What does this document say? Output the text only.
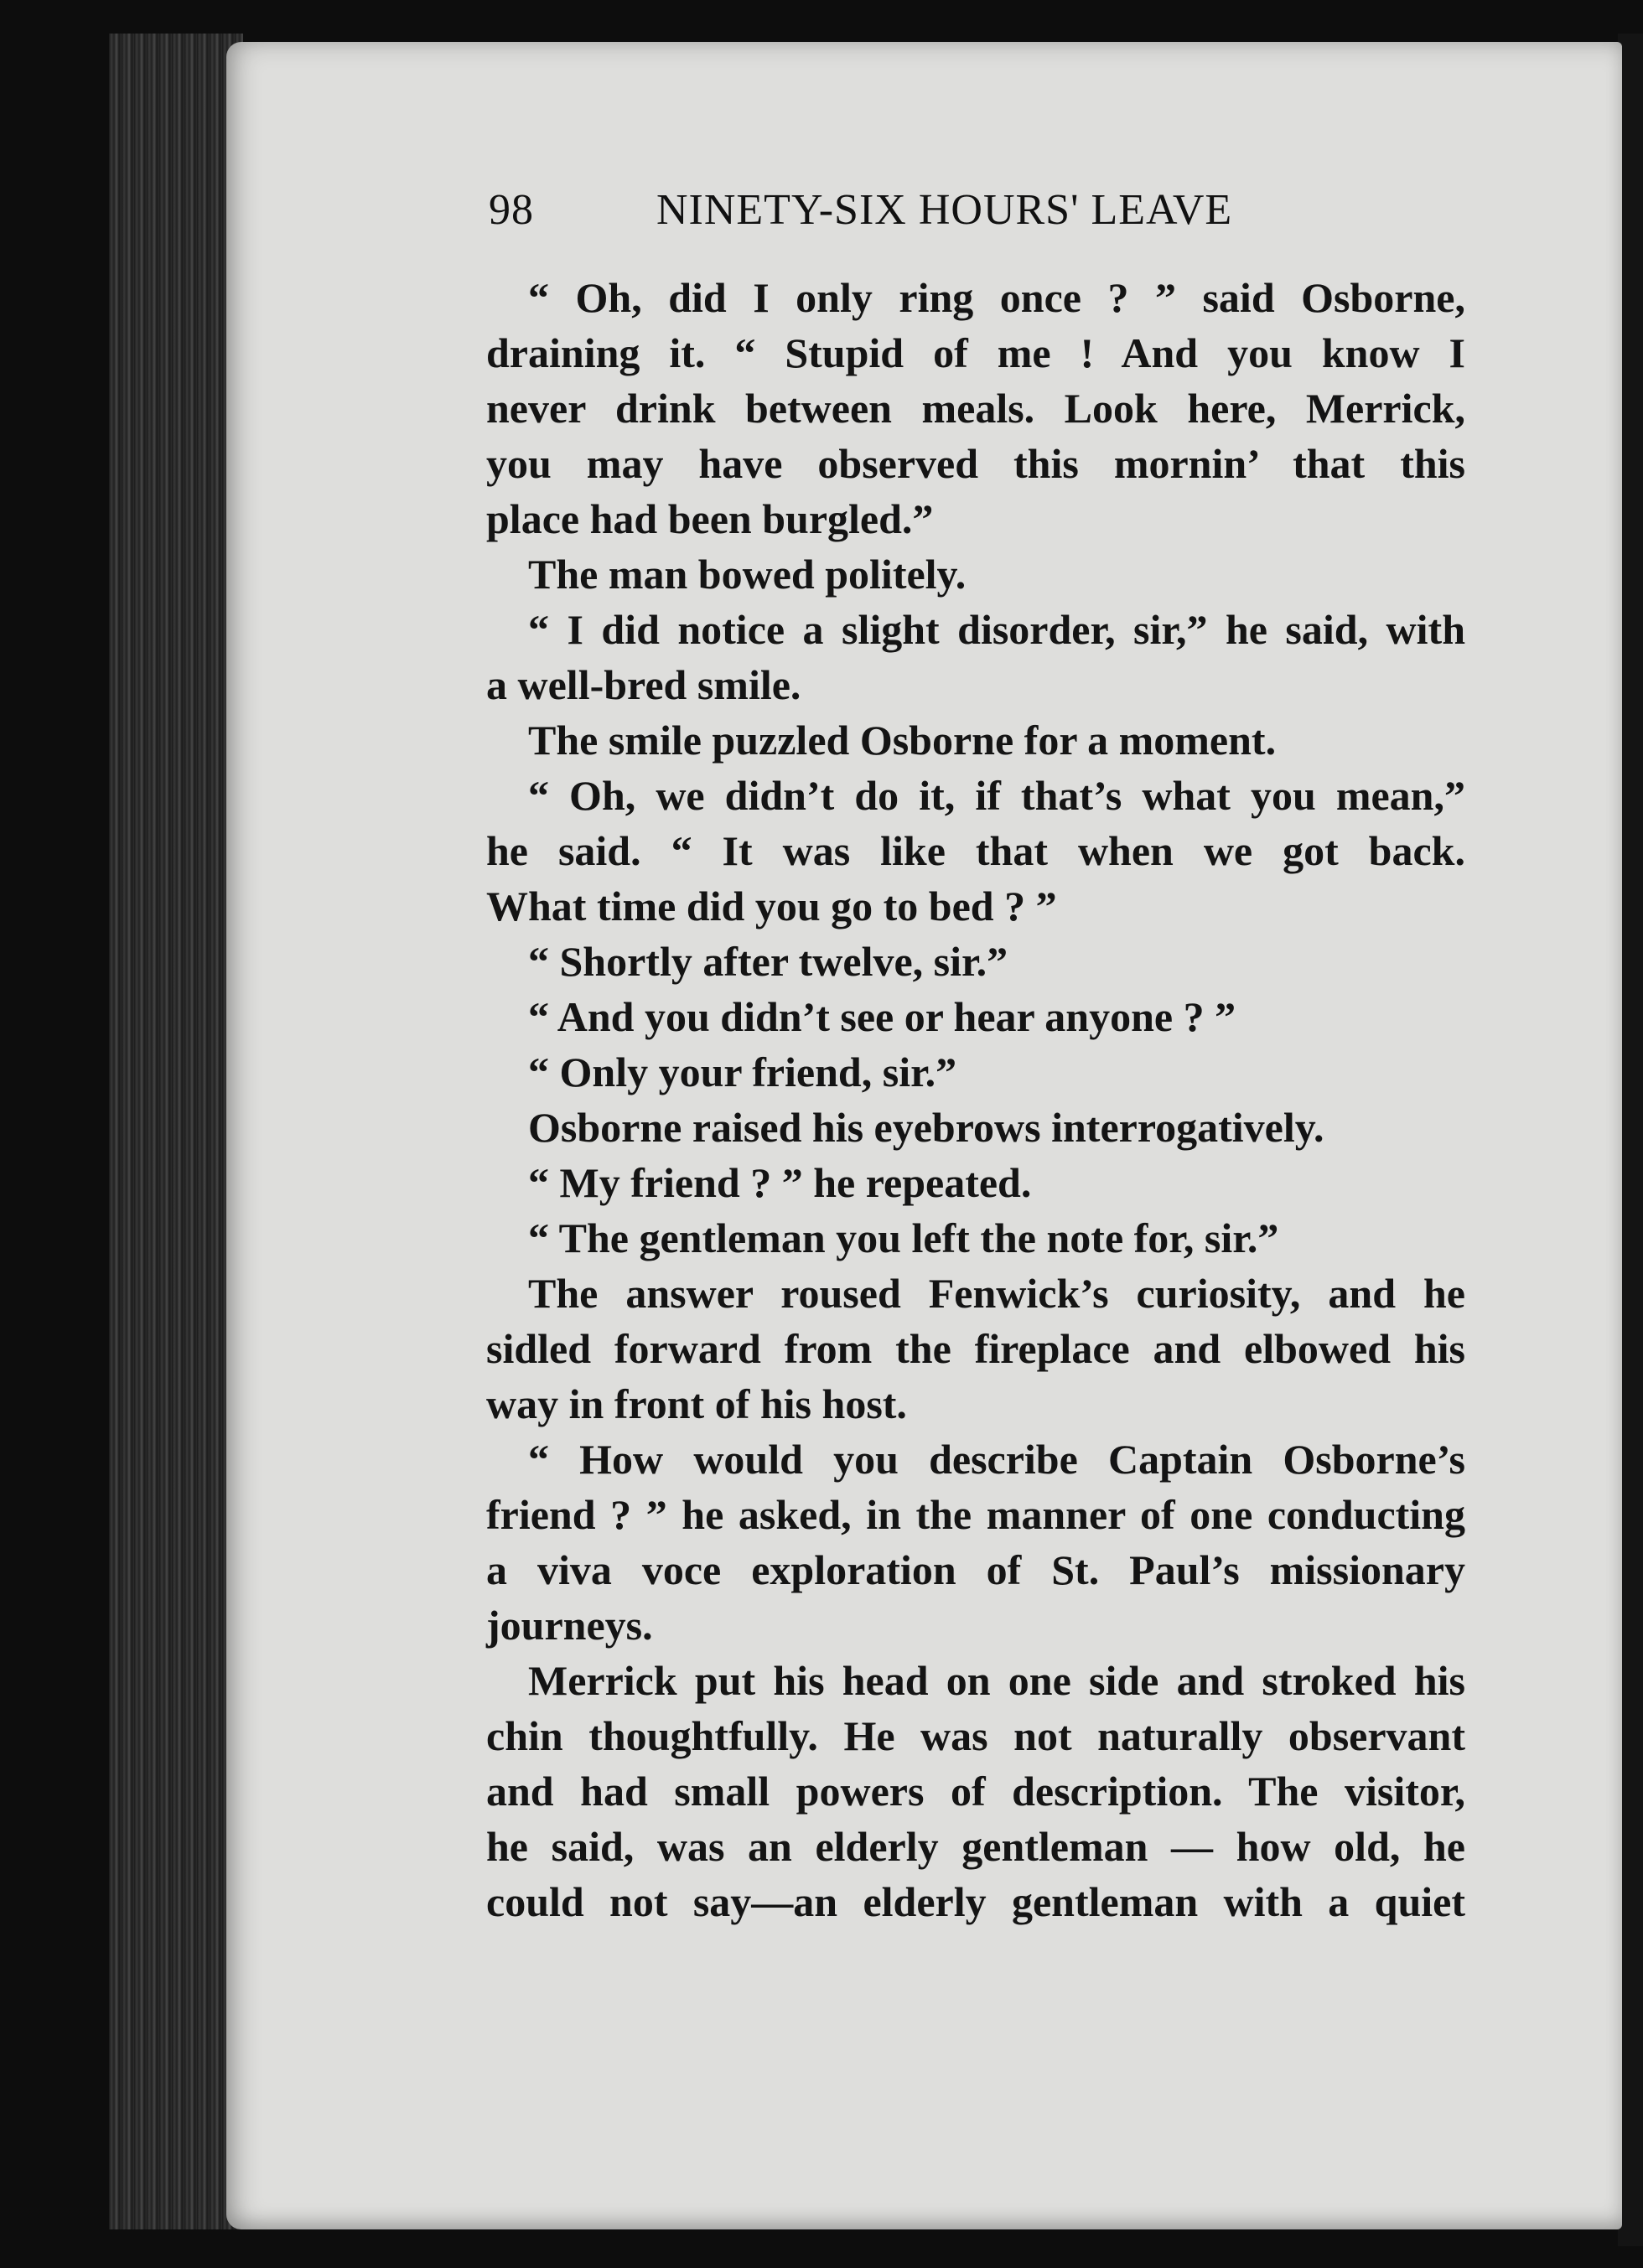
98	NINETY-SIX HOURS' LEAVE
“ Oh, did I only ring once ? ” said Osborne,
draining it. “ Stupid of me ! And you know I
never drink between meals. Look here, Merrick,
you may have observed this mornin’ that this
place had been burgled.”
The man bowed politely.
“ I did notice a slight disorder, sir,” he said, with
a well-bred smile.
The smile puzzled Osborne for a moment.
“ Oh, we didn’t do it, if that’s what you mean,”
he said. “ It was like that when we got back.
What time did you go to bed ? ”
“ Shortly after twelve, sir.”
“ And you didn’t see or hear anyone ? ”
“ Only your friend, sir.”
Osborne raised his eyebrows interrogatively.
“ My friend ? ” he repeated.
“ The gentleman you left the note for, sir.”
The answer roused Fenwick’s curiosity, and he
sidled forward from the fireplace and elbowed his
way in front of his host.
“ How would you describe Captain Osborne’s
friend ? ” he asked, in the manner of one conducting
a viva voce exploration of St. Paul’s missionary
journeys.
Merrick put his head on one side and stroked his
chin thoughtfully. He was not naturally observant
and had small powers of description. The visitor,
he said, was an elderly gentleman — how old, he
could not say—an elderly gentleman with a quiet
